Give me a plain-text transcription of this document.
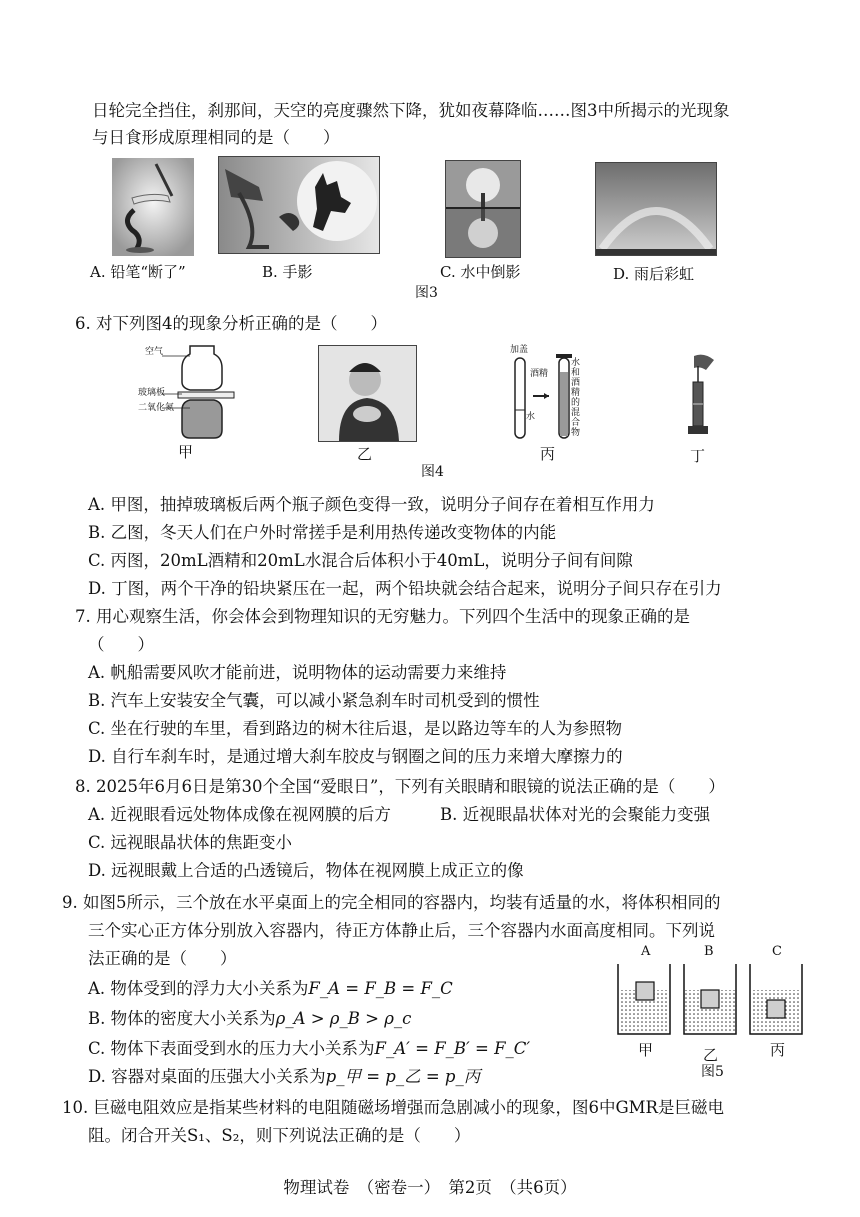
日轮完全挡住，刹那间，天空的亮度骤然下降，犹如夜幕降临……图3中所揭示的光现象
与日食形成原理相同的是（　　）
A. 铅笔“断了”	B. 手影	C. 水中倒影	D. 雨后彩虹
图3
6. 对下列图4的现象分析正确的是（　　）
空气
玻璃板
二氧化氮
加盖
酒精
水
水和酒精的混合物
甲	乙	丙	丁
图4
A. 甲图，抽掉玻璃板后两个瓶子颜色变得一致，说明分子间存在着相互作用力
B. 乙图，冬天人们在户外时常搓手是利用热传递改变物体的内能
C. 丙图，20mL酒精和20mL水混合后体积小于40mL，说明分子间有间隙
D. 丁图，两个干净的铅块紧压在一起，两个铅块就会结合起来，说明分子间只存在引力
7. 用心观察生活，你会体会到物理知识的无穷魅力。下列四个生活中的现象正确的是
（　　）
A. 帆船需要风吹才能前进，说明物体的运动需要力来维持
B. 汽车上安装安全气囊，可以减小紧急刹车时司机受到的惯性
C. 坐在行驶的车里，看到路边的树木往后退，是以路边等车的人为参照物
D. 自行车刹车时，是通过增大刹车胶皮与钢圈之间的压力来增大摩擦力的
8. 2025年6月6日是第30个全国“爱眼日”，下列有关眼睛和眼镜的说法正确的是（　　）
A. 近视眼看远处物体成像在视网膜的后方	B. 近视眼晶状体对光的会聚能力变强
C. 远视眼晶状体的焦距变小
D. 远视眼戴上合适的凸透镜后，物体在视网膜上成正立的像
9. 如图5所示，三个放在水平桌面上的完全相同的容器内，均装有适量的水，将体积相同的
三个实心正方体分别放入容器内，待正方体静止后，三个容器内水面高度相同。下列说
法正确的是（　　）
A. 物体受到的浮力大小关系为F_A = F_B = F_C
B. 物体的密度大小关系为ρ_A > ρ_B > ρ_c
C. 物体下表面受到水的压力大小关系为F_A′ = F_B′ = F_C′
D. 容器对桌面的压强大小关系为p_甲 = p_乙 = p_丙
A	B	C
甲	乙	丙
图5
10. 巨磁电阻效应是指某些材料的电阻随磁场增强而急剧减小的现象，图6中GMR是巨磁电
阻。闭合开关S₁、S₂，则下列说法正确的是（　　）
物理试卷　（密卷一）　第2页　（共6页）
